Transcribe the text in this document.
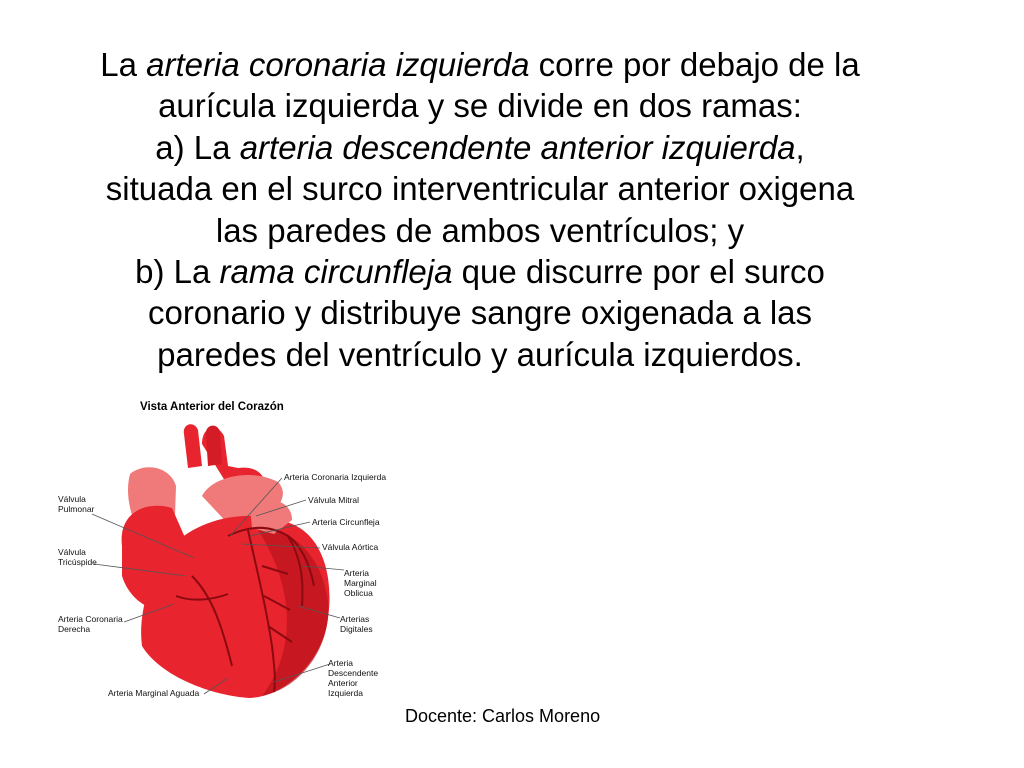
La arteria coronaria izquierda corre por debajo de la
aurícula izquierda y se divide en dos ramas:
a) La arteria descendente anterior izquierda,
situada en el surco interventricular anterior oxigena
las paredes de ambos ventrículos; y
b) La rama circunfleja que discurre por el surco
coronario y distribuye sangre oxigenada a las
paredes del ventrículo y aurícula izquierdos.
Vista Anterior del Corazón
Válvula
Pulmonar
Válvula
Tricúspide
Arteria Coronaria
Derecha
Arteria Marginal Aguada
Arteria Coronaria Izquierda
Válvula Mitral
Arteria Circunfleja
Válvula Aórtica
Arteria
Marginal
Oblicua
Arterias
Digitales
Arteria
Descendente
Anterior
Izquierda
Docente: Carlos Moreno
